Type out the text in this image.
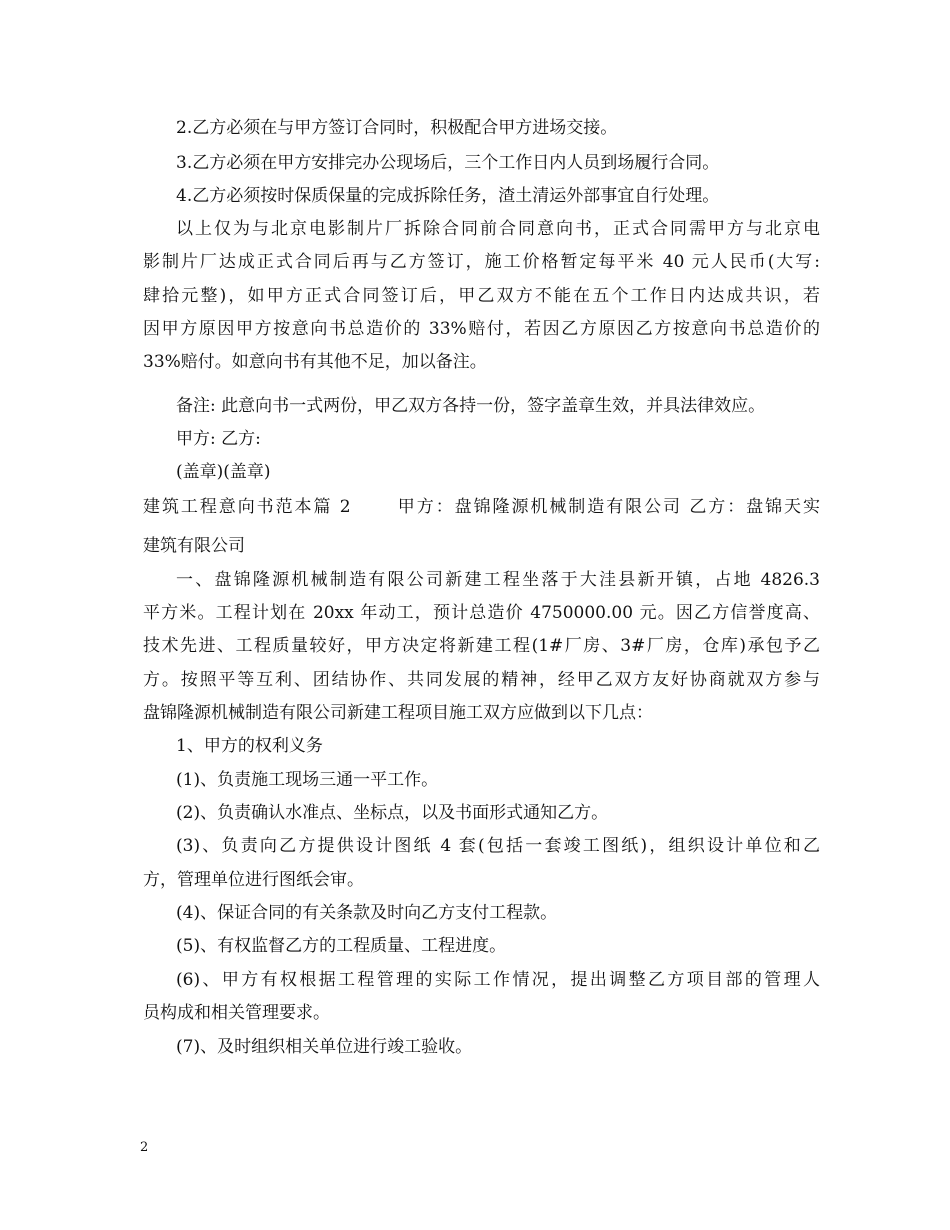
2.乙方必须在与甲方签订合同时，积极配合甲方进场交接。
3.乙方必须在甲方安排完办公现场后，三个工作日内人员到场履行合同。
4.乙方必须按时保质保量的完成拆除任务，渣土清运外部事宜自行处理。
以上仅为与北京电影制片厂拆除合同前合同意向书，正式合同需甲方与北京电
影制片厂达成正式合同后再与乙方签订，施工价格暂定每平米 40 元人民币(大写:
肆拾元整)，如甲方正式合同签订后，甲乙双方不能在五个工作日内达成共识，若
因甲方原因甲方按意向书总造价的 33%赔付，若因乙方原因乙方按意向书总造价的
33%赔付。如意向书有其他不足，加以备注。
备注: 此意向书一式两份，甲乙双方各持一份，签字盖章生效，并具法律效应。
甲方: 乙方:
(盖章)(盖章)
建筑工程意向书范本篇 2　　 甲方：盘锦隆源机械制造有限公司 乙方：盘锦天实
建筑有限公司
一、盘锦隆源机械制造有限公司新建工程坐落于大洼县新开镇，占地 4826.3
平方米。工程计划在 20xx 年动工，预计总造价 4750000.00 元。因乙方信誉度高、
技术先进、工程质量较好，甲方决定将新建工程(1#厂房、3#厂房，仓库)承包予乙
方。按照平等互利、团结协作、共同发展的精神，经甲乙双方友好协商就双方参与
盘锦隆源机械制造有限公司新建工程项目施工双方应做到以下几点：
1、甲方的权利义务
(1)、负责施工现场三通一平工作。
(2)、负责确认水准点、坐标点，以及书面形式通知乙方。
(3)、负责向乙方提供设计图纸 4 套(包括一套竣工图纸)，组织设计单位和乙
方，管理单位进行图纸会审。
(4)、保证合同的有关条款及时向乙方支付工程款。
(5)、有权监督乙方的工程质量、工程进度。
(6)、甲方有权根据工程管理的实际工作情况，提出调整乙方项目部的管理人
员构成和相关管理要求。
(7)、及时组织相关单位进行竣工验收。
2
